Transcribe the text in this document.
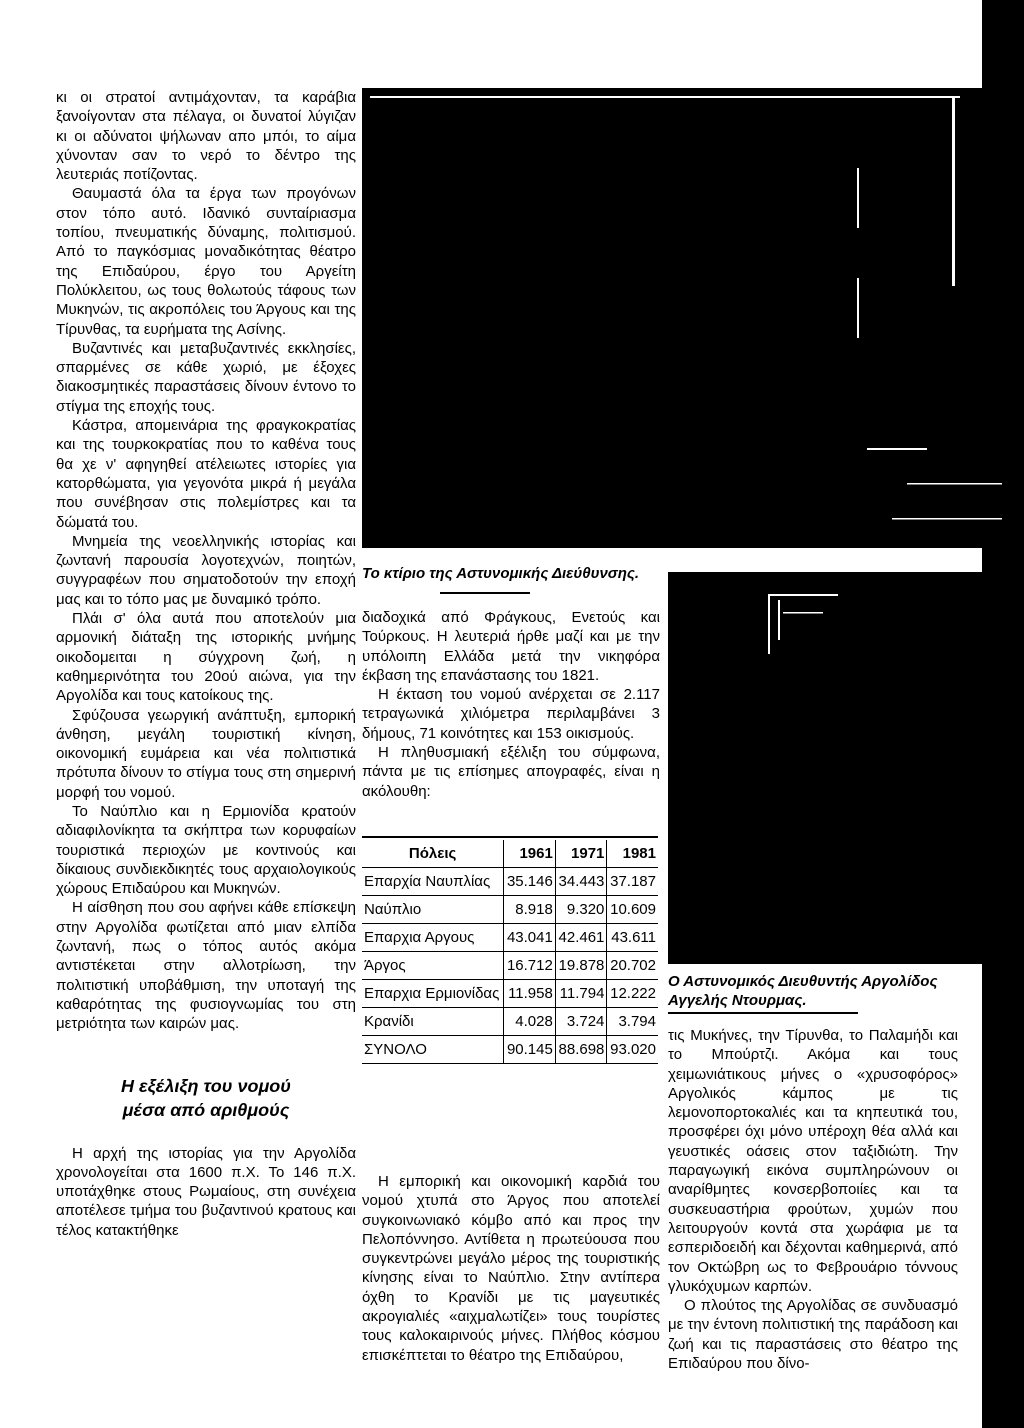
κι οι στρατοί αντιμάχονταν, τα καράβια ξανοίγονταν στα πέλαγα, οι δυνατοί λύγιζαν κι οι αδύνατοι ψήλωναν απο μπόι, το αίμα χύνονταν σαν το νερό το δέντρο της λευτεριάς ποτίζοντας.

Θαυμαστά όλα τα έργα των προγόνων στον τόπο αυτό. Ιδανικό συνταίριασμα τοπίου, πνευματικής δύναμης, πολιτισμού. Από το παγκόσμιας μοναδικότητας θέατρο της Επιδαύρου, έργο του Αργείτη Πολύκλειτου, ως τους θολωτούς τάφους των Μυκηνών, τις ακροπόλεις του Άργους και της Τίρυνθας, τα ευρήματα της Ασίνης.

Βυζαντινές και μεταβυζαντινές εκκλησίες, σπαρμένες σε κάθε χωριό, με έξοχες διακοσμητικές παραστάσεις δίνουν έντονο το στίγμα της εποχής τους.

Κάστρα, απομεινάρια της φραγκοκρατίας και της τουρκοκρατίας που το καθένα τους θα χε ν' αφηγηθεί ατέλειωτες ιστορίες για κατορθώματα, για γεγονότα μικρά ή μεγάλα που συνέβησαν στις πολεμίστρες και τα δώματά του.

Μνημεία της νεοελληνικής ιστορίας και ζωντανή παρουσία λογοτεχνών, ποιητών, συγγραφέων που σηματοδοτούν την εποχή μας και το τόπο μας με δυναμικό τρόπο.

Πλάι σ' όλα αυτά που αποτελούν μια αρμονική διάταξη της ιστορικής μνήμης οικοδομειται η σύγχρονη ζωή, η καθημερινότητα του 20ού αιώνα, για την Αργολίδα και τους κατοίκους της.

Σφύζουσα γεωργική ανάπτυξη, εμπορική άνθηση, μεγάλη τουριστική κίνηση, οικονομική ευμάρεια και νέα πολιτιστικά πρότυπα δίνουν το στίγμα τους στη σημερινή μορφή του νομού.

Το Ναύπλιο και η Ερμιονίδα κρατούν αδιαφιλονίκητα τα σκήπτρα των κορυφαίων τουριστικά περιοχών με κοντινούς και δίκαιους συνδιεκδικητές τους αρχαιολογικούς χώρους Επιδαύρου και Μυκηνών.

Η αίσθηση που σου αφήνει κάθε επίσκεψη στην Αργολίδα φωτίζεται από μιαν ελπίδα ζωντανή, πως ο τόπος αυτός ακόμα αντιστέκεται στην αλλοτρίωση, την πολιτιστική υποβάθμιση, την υποταγή της καθαρότητας της φυσιογνωμίας του στη μετριότητα των καιρών μας.

Η εξέλιξη του νομού
μέσα από αριθμούς

Η αρχή της ιστορίας για την Αργολίδα χρονολογείται στα 1600 π.Χ. Το 146 π.Χ. υποτάχθηκε στους Ρωμαίους, στη συνέχεια αποτέλεσε τμήμα του βυζαντινού κρατους και τέλος κατακτήθηκε

Το κτίριο της Αστυνομικής Διεύθυνσης.
Ο Αστυνομικός Διευθυντής Αργολίδος
Αγγελής Ντουρμας.

διαδοχικά από Φράγκους, Ενετούς και Τούρκους. Η λευτεριά ήρθε μαζί και με την υπόλοιπη Ελλάδα μετά την νικηφόρα έκβαση της επανάστασης του 1821.

Η έκταση του νομού ανέρχεται σε 2.117 τετραγωνικά χιλιόμετρα περιλαμβάνει 3 δήμους, 71 κοινότητες και 153 οικισμούς.

Η πληθυσμιακή εξέλιξη του σύμφωνα, πάντα με τις επίσημες απογραφές, είναι η ακόλουθη:

Πόλεις	1961	1971	1981
Επαρχία Ναυπλίας	35.146	34.443	37.187
Ναύπλιο	8.918	9.320	10.609
Επαρχια Αργους	43.041	42.461	43.611
Άργος	16.712	19.878	20.702
Επαρχια Ερμιονίδας	11.958	11.794	12.222
Κρανίδι	4.028	3.724	3.794
ΣΥΝΟΛΟ	90.145	88.698	93.020

Η εμπορική και οικονομική καρδιά του νομού χτυπά στο Άργος που αποτελεί συγκοινωνιακό κόμβο από και προς την Πελοπόννησο. Αντίθετα η πρωτεύουσα που συγκεντρώνει μεγάλο μέρος της τουριστικής κίνησης είναι το Ναύπλιο. Στην αντίπερα όχθη το Κρανίδι με τις μαγευτικές ακρογιαλιές «αιχμαλωτίζει» τους τουρίστες τους καλοκαιρινούς μήνες. Πλήθος κόσμου επισκέπτεται το θέατρο της Επιδαύρου,

τις Μυκήνες, την Τίρυνθα, το Παλαμήδι και το Μπούρτζι. Ακόμα και τους χειμωνιάτικους μήνες ο «χρυσοφόρος» Αργολικός κάμπος με τις λεμονοπορτοκαλιές και τα κηπευτικά του, προσφέρει όχι μόνο υπέροχη θέα αλλά και γευστικές οάσεις στον ταξιδιώτη. Την παραγωγική εικόνα συμπληρώνουν οι αναρίθμητες κονσερβοποιίες και τα συσκευαστήρια φρούτων, χυμών που λειτουργούν κοντά στα χωράφια με τα εσπεριδοειδή και δέχονται καθημερινά, από τον Οκτώβρη ως το Φεβρουάριο τόννους γλυκόχυμων καρπών.

Ο πλούτος της Αργολίδας σε συνδυασμό με την έντονη πολιτιστική της παράδοση και ζωή και τις παραστάσεις στο θέατρο της Επιδαύρου που δίνο-
